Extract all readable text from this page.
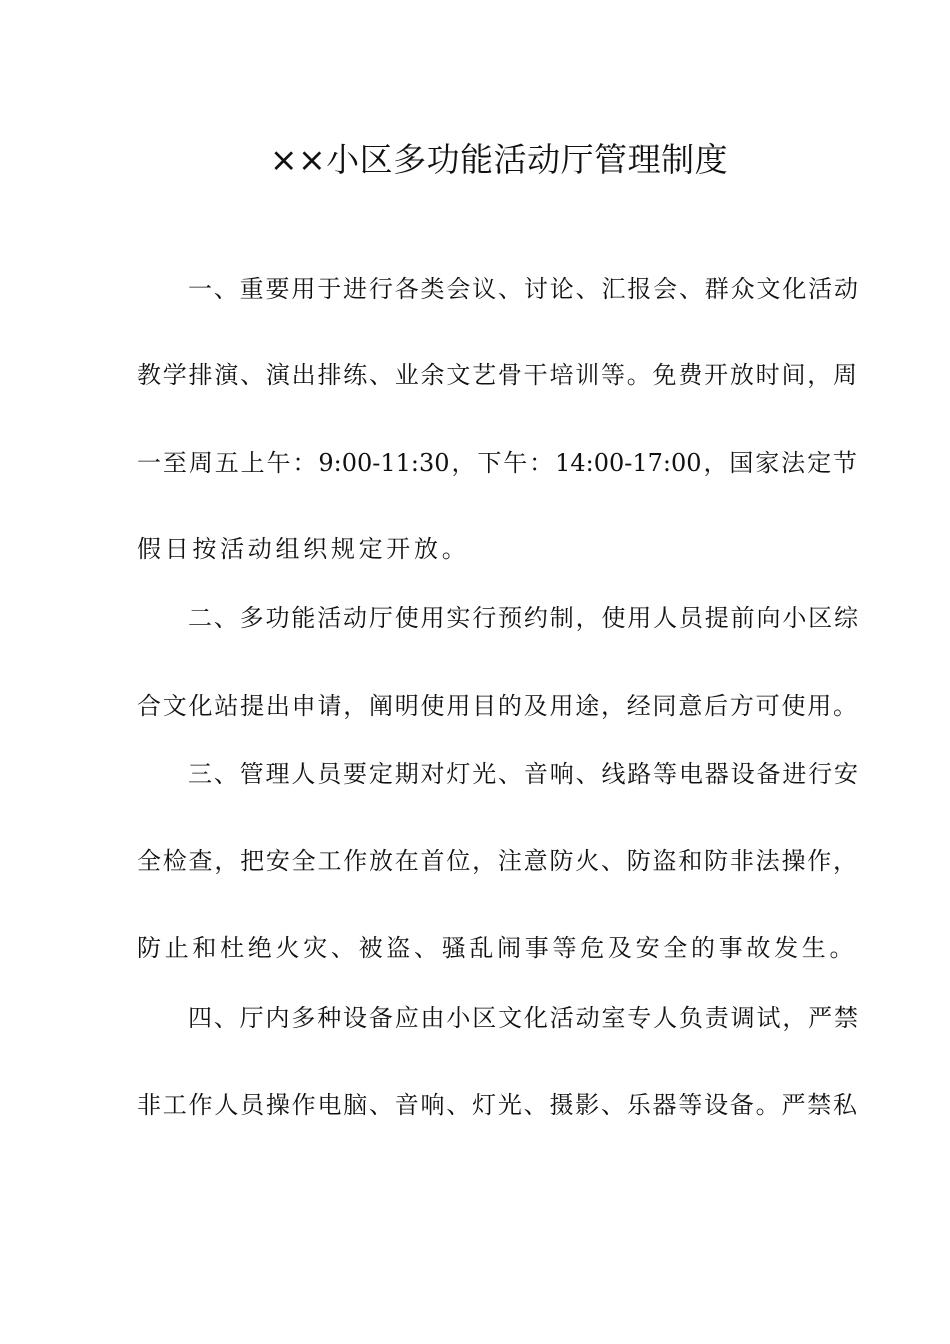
××小区多功能活动厅管理制度
一、重要用于进行各类会议、讨论、汇报会、群众文化活动
教学排演、演出排练、业余文艺骨干培训等。免费开放时间，周
一至周五上午：9:00-11:30，下午：14:00-17:00，国家法定节
假日按活动组织规定开放。
二、多功能活动厅使用实行预约制，使用人员提前向小区综
合文化站提出申请，阐明使用目的及用途，经同意后方可使用。
三、管理人员要定期对灯光、音响、线路等电器设备进行安
全检查，把安全工作放在首位，注意防火、防盗和防非法操作，
防止和杜绝火灾、被盗、骚乱闹事等危及安全的事故发生。
四、厅内多种设备应由小区文化活动室专人负责调试，严禁
非工作人员操作电脑、音响、灯光、摄影、乐器等设备。严禁私
